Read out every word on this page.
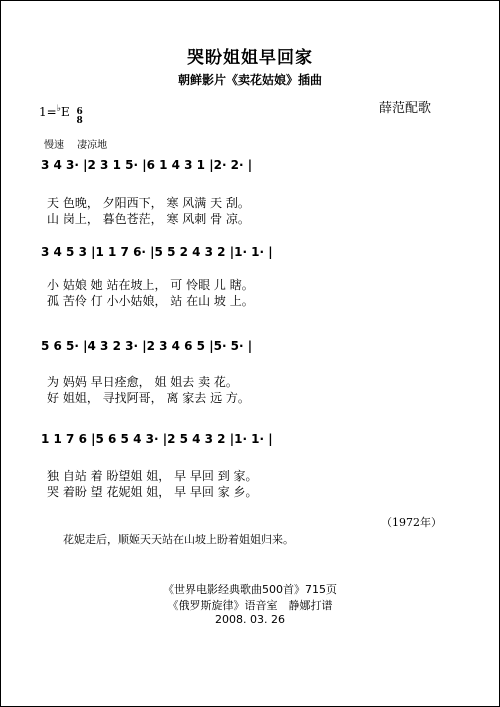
哭盼姐姐早回家
朝鲜影片《卖花姑娘》插曲
1=♭E 6
8
薛范配歌
慢速　 凄凉地
3 4 3· |2 3 1 5· |6 1 4 3 1 |2· 2· |
天 色晚， 夕阳西下， 寒 风满 天 刮。
山 岗上， 暮色苍茫， 寒 风刺 骨 凉。
3 4 5 3 |1 1 7 6· |5 5 2 4 3 2 |1· 1· |
小 姑娘 她 站在坡上， 可 怜眼 儿 瞎。
孤 苦伶 仃 小小姑娘， 站 在山 坡 上。
5 6 5· |4 3 2 3· |2 3 4 6 5 |5· 5· |
为 妈妈 早日痊愈， 姐 姐去 卖 花。
好 姐姐， 寻找阿哥， 离 家去 远 方。
1 1 7 6 |5 6 5 4 3· |2 5 4 3 2 |1· 1· |
独 自站 着 盼望姐 姐， 早 早回 到 家。
哭 着盼 望 花妮姐 姐， 早 早回 家 乡。
（1972年）
花妮走后，顺姬天天站在山坡上盼着姐姐归来。
《世界电影经典歌曲500首》715页
《俄罗斯旋律》语音室　静娜打谱
2008. 03. 26
